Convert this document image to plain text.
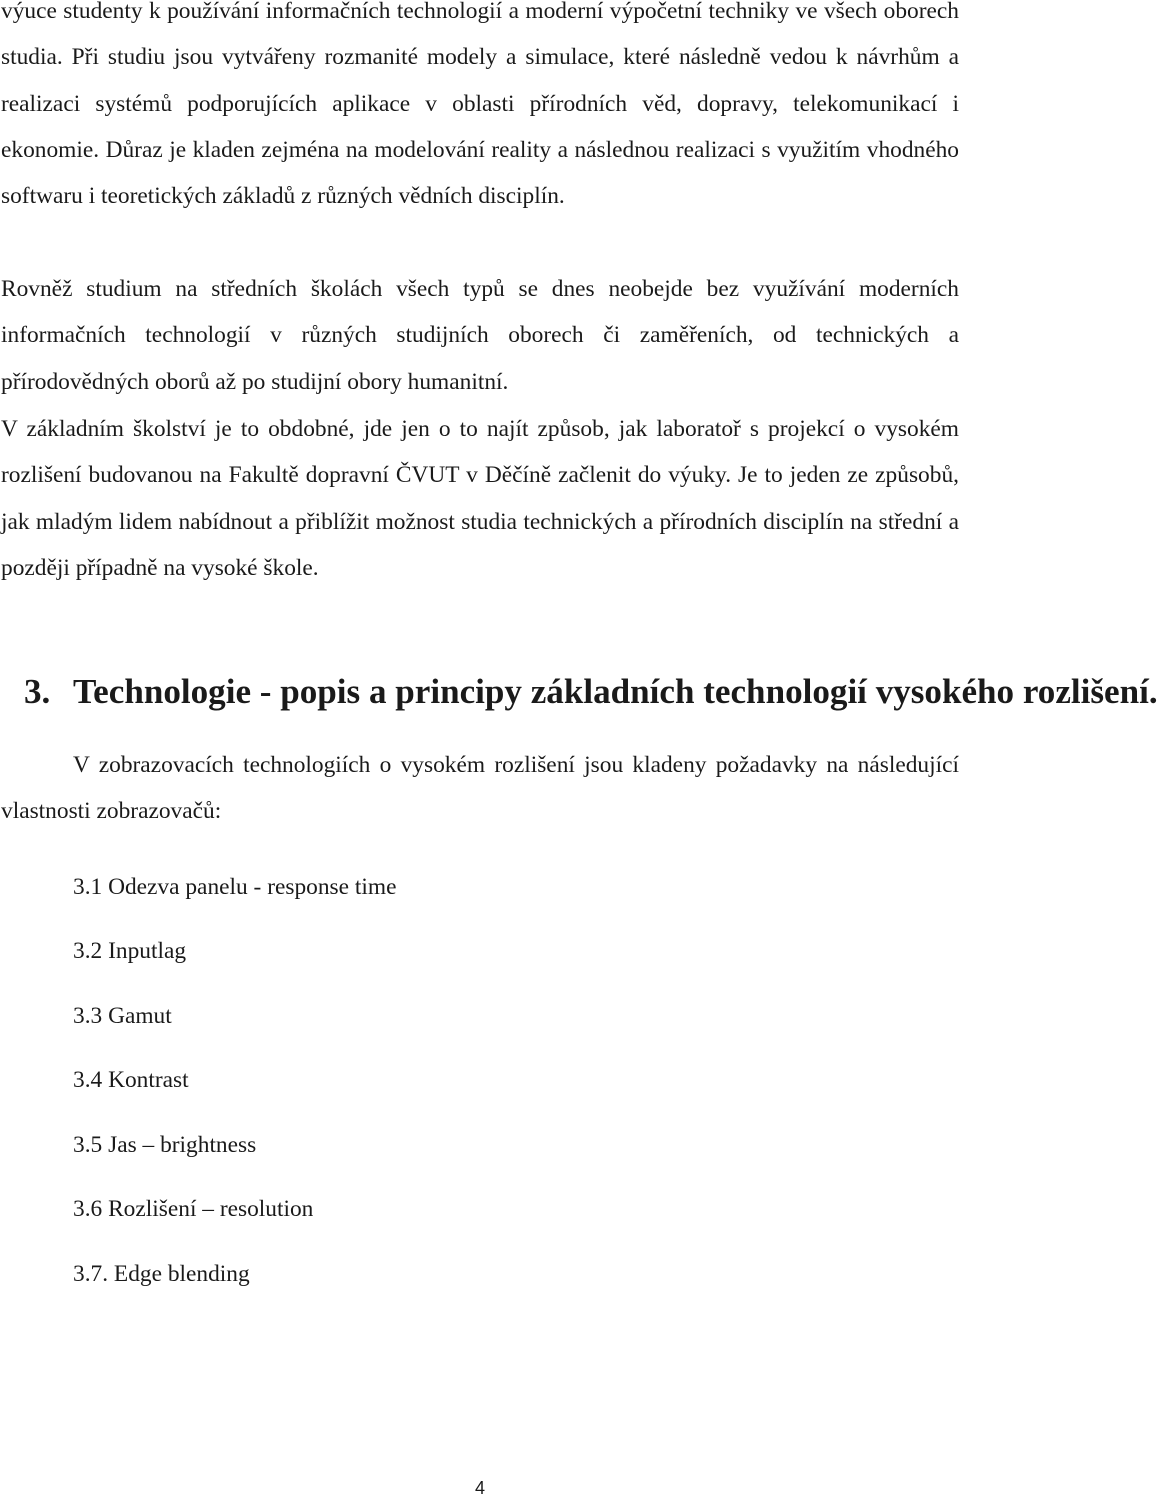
výuce studenty k používání informačních technologií a moderní výpočetní techniky ve všech oborech studia. Při studiu jsou vytvářeny rozmanité modely a simulace, které následně vedou k návrhům a realizaci systémů podporujících aplikace v oblasti přírodních věd, dopravy, telekomunikací i ekonomie. Důraz je kladen zejména na modelování reality a následnou realizaci s využitím vhodného softwaru i teoretických základů z různých vědních disciplín.

Rovněž studium na středních školách všech typů se dnes neobejde bez využívání moderních informačních technologií v různých studijních oborech či zaměřeních, od technických a přírodovědných oborů až po studijní obory humanitní.

V základním školství je to obdobné, jde jen o to najít způsob, jak laboratoř s projekcí o vysokém rozlišení budovanou na Fakultě dopravní ČVUT v Děčíně začlenit do výuky. Je to jeden ze způsobů, jak mladým lidem nabídnout a přiblížit možnost studia technických a přírodních disciplín na střední a později případně na vysoké škole.

3. Technologie - popis a principy základních technologií vysokého rozlišení.

V zobrazovacích technologiích o vysokém rozlišení jsou kladeny požadavky na následující vlastnosti zobrazovačů:

3.1 Odezva panelu - response time

3.2 Inputlag

3.3 Gamut

3.4 Kontrast

3.5 Jas – brightness

3.6 Rozlišení – resolution

3.7. Edge blending

4
